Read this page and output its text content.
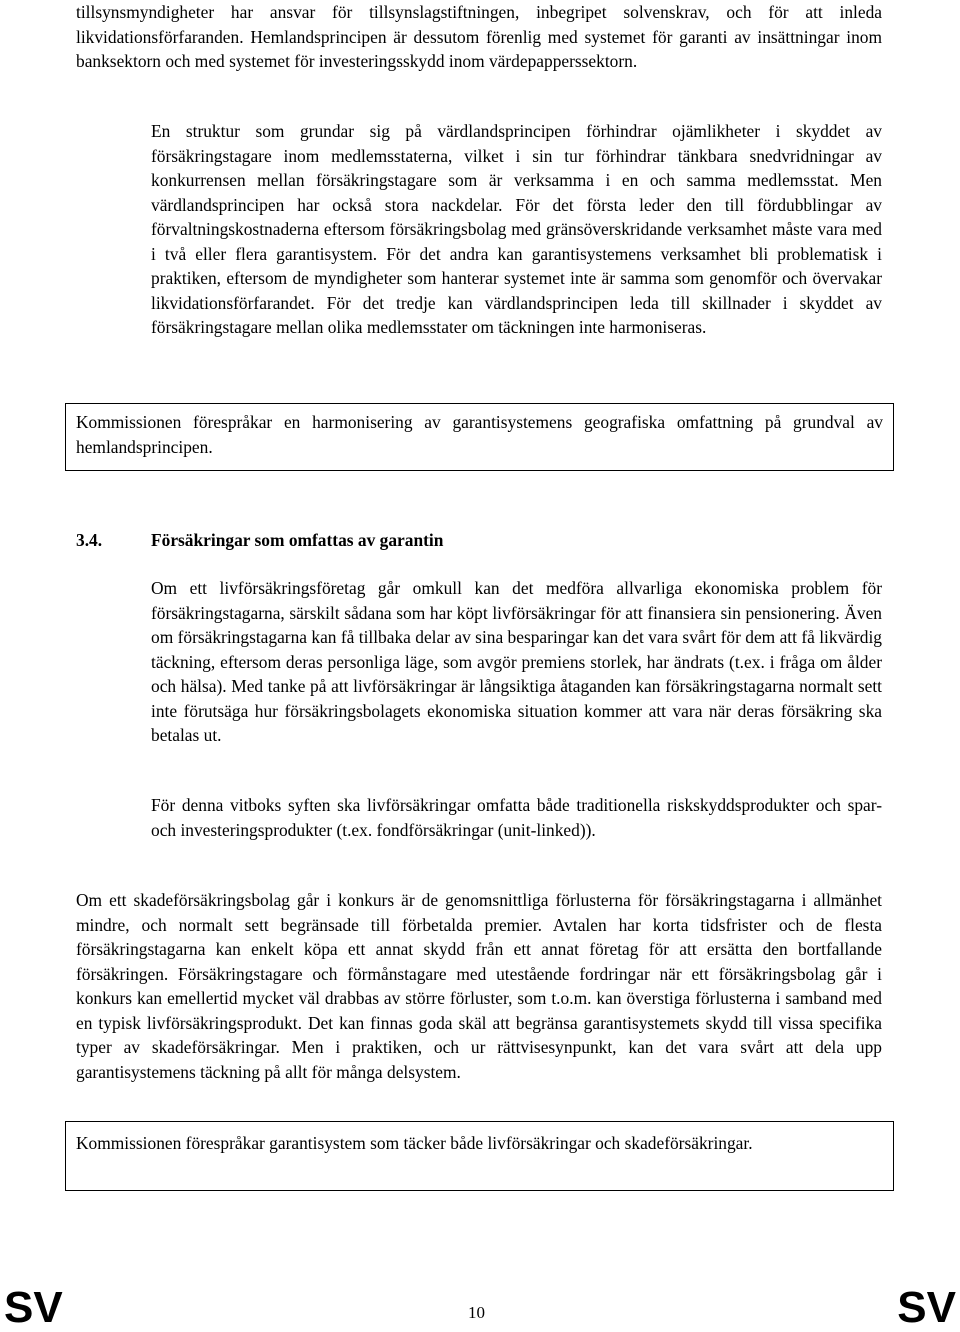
tillsynsmyndigheter har ansvar för tillsynslagstiftningen, inbegripet solvenskrav, och för att inleda likvidationsförfaranden. Hemlandsprincipen är dessutom förenlig med systemet för garanti av insättningar inom banksektorn och med systemet för investeringsskydd inom värdepapperssektorn.

En struktur som grundar sig på värdlandsprincipen förhindrar ojämlikheter i skyddet av försäkringstagare inom medlemsstaterna, vilket i sin tur förhindrar tänkbara snedvridningar av konkurrensen mellan försäkringstagare som är verksamma i en och samma medlemsstat. Men värdlandsprincipen har också stora nackdelar. För det första leder den till fördubblingar av förvaltningskostnaderna eftersom försäkringsbolag med gränsöverskridande verksamhet måste vara med i två eller flera garantisystem. För det andra kan garantisystemens verksamhet bli problematisk i praktiken, eftersom de myndigheter som hanterar systemet inte är samma som genomför och övervakar likvidationsförfarandet. För det tredje kan värdlandsprincipen leda till skillnader i skyddet av försäkringstagare mellan olika medlemsstater om täckningen inte harmoniseras.

Kommissionen förespråkar en harmonisering av garantisystemens geografiska omfattning på grundval av hemlandsprincipen.

3.4.	Försäkringar som omfattas av garantin

Om ett livförsäkringsföretag går omkull kan det medföra allvarliga ekonomiska problem för försäkringstagarna, särskilt sådana som har köpt livförsäkringar för att finansiera sin pensionering. Även om försäkringstagarna kan få tillbaka delar av sina besparingar kan det vara svårt för dem att få likvärdig täckning, eftersom deras personliga läge, som avgör premiens storlek, har ändrats (t.ex. i fråga om ålder och hälsa). Med tanke på att livförsäkringar är långsiktiga åtaganden kan försäkringstagarna normalt sett inte förutsäga hur försäkringsbolagets ekonomiska situation kommer att vara när deras försäkring ska betalas ut.

För denna vitboks syften ska livförsäkringar omfatta både traditionella riskskyddsprodukter och spar- och investeringsprodukter (t.ex. fondförsäkringar (unit-linked)).

Om ett skadeförsäkringsbolag går i konkurs är de genomsnittliga förlusterna för försäkringstagarna i allmänhet mindre, och normalt sett begränsade till förbetalda premier. Avtalen har korta tidsfrister och de flesta försäkringstagarna kan enkelt köpa ett annat skydd från ett annat företag för att ersätta den bortfallande försäkringen. Försäkringstagare och förmånstagare med utestående fordringar när ett försäkringsbolag går i konkurs kan emellertid mycket väl drabbas av större förluster, som t.o.m. kan överstiga förlusterna i samband med en typisk livförsäkringsprodukt. Det kan finnas goda skäl att begränsa garantisystemets skydd till vissa specifika typer av skadeförsäkringar. Men i praktiken, och ur rättvisesynpunkt, kan det vara svårt att dela upp garantisystemens täckning på allt för många delsystem.

Kommissionen förespråkar garantisystem som täcker både livförsäkringar och skadeförsäkringar.

SV	10	SV
